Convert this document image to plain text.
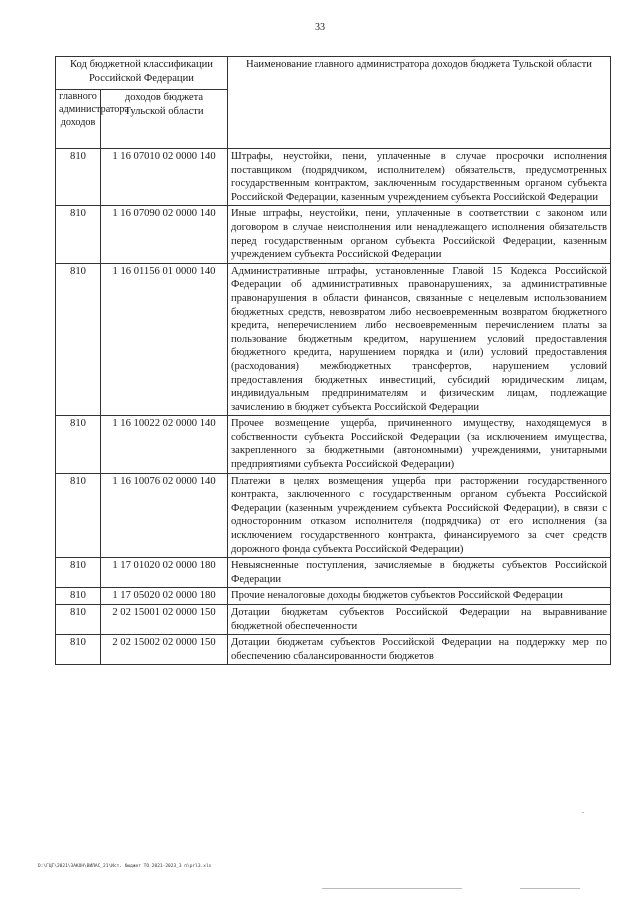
33
Код бюджетной классификации Российской Федерации		Наименование главного администратора доходов бюджета Тульской области
главного администратора доходов	доходов бюджета Тульской области	
810	1 16 07010 02 0000 140	Штрафы, неустойки, пени, уплаченные в случае просрочки исполнения поставщиком (подрядчиком, исполнителем) обязательств, предусмотренных государственным контрактом, заключенным государственным органом субъекта Российской Федерации, казенным учреждением субъекта Российской Федерации
810	1 16 07090 02 0000 140	Иные штрафы, неустойки, пени, уплаченные в соответствии с законом или договором в случае неисполнения или ненадлежащего исполнения обязательств перед государственным органом субъекта Российской Федерации, казенным учреждением субъекта Российской Федерации
810	1 16 01156 01 0000 140	Административные штрафы, установленные Главой 15 Кодекса Российской Федерации об административных правонарушениях, за административные правонарушения в области финансов, связанные с нецелевым использованием бюджетных средств, невозвратом либо несвоевременным возвратом бюджетного кредита, неперечислением либо несвоевременным перечислением платы за пользование бюджетным кредитом, нарушением условий предоставления бюджетного кредита, нарушением порядка и (или) условий предоставления (расходования) межбюджетных трансфертов, нарушением условий предоставления бюджетных инвестиций, субсидий юридическим лицам, индивидуальным предпринимателям и физическим лицам, подлежащие зачислению в бюджет субъекта Российской Федерации
810	1 16 10022 02 0000 140	Прочее возмещение ущерба, причиненного имуществу, находящемуся в собственности субъекта Российской Федерации (за исключением имущества, закрепленного за бюджетными (автономными) учреждениями, унитарными предприятиями субъекта Российской Федерации)
810	1 16 10076 02 0000 140	Платежи в целях возмещения ущерба при расторжении государственного контракта, заключенного с государственным органом субъекта Российской Федерации (казенным учреждением субъекта Российской Федерации), в связи с односторонним отказом исполнителя (подрядчика) от его исполнения (за исключением государственного контракта, финансируемого за счет средств дорожного фонда субъекта Российской Федерации)
810	1 17 01020 02 0000 180	Невыясненные поступления, зачисляемые в бюджеты субъектов Российской Федерации
810	1 17 05020 02 0000 180	Прочие неналоговые доходы бюджетов субъектов Российской Федерации
810	2 02 15001 02 0000 150	Дотации бюджетам субъектов Российской Федерации на выравнивание бюджетной обеспеченности
810	2 02 15002 02 0000 150	Дотации бюджетам субъектов Российской Федерации на поддержку мер по обеспечению сбалансированности бюджетов
D:\ГЦГ\2021\ЗАКОН\ВИЛАС_21\Ист. бюджет ТО 2021-2023_3 п\рrl3.xls
